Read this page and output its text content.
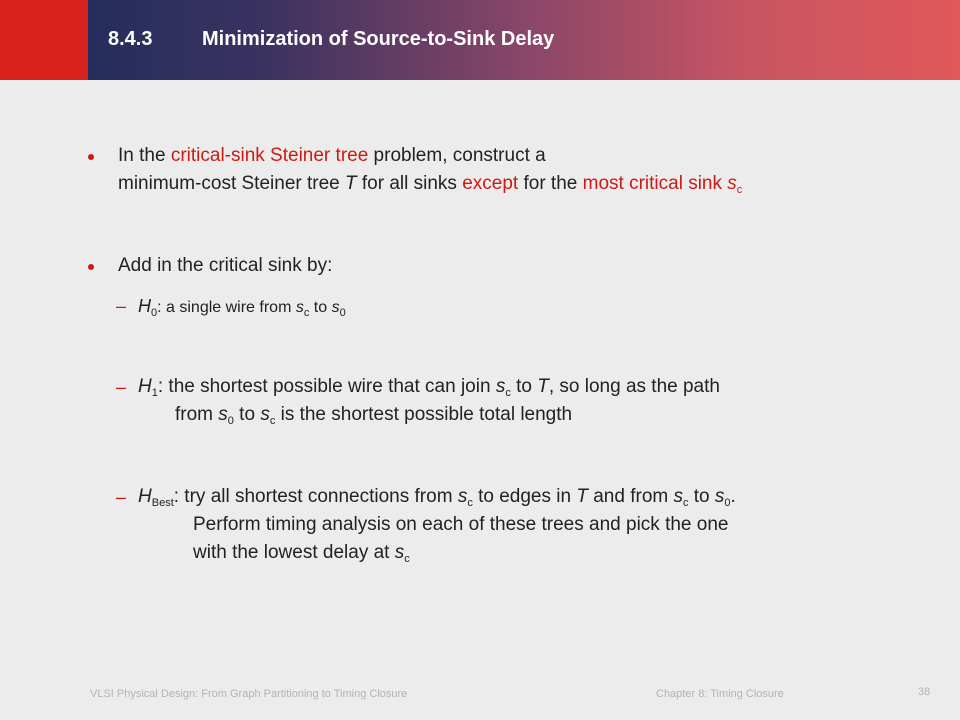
8.4.3 Minimization of Source-to-Sink Delay
In the critical-sink Steiner tree problem, construct a
minimum-cost Steiner tree T for all sinks except for the most critical sink $s_c$
Add in the critical sink by:
– $H_0$: a single wire from $s_c$ to $s_0$
– $H_1$: the shortest possible wire that can join $s_c$ to T, so long as the path
from $s_0$ to $s_c$ is the shortest possible total length
– $H_{Best}$: try all shortest connections from $s_c$ to edges in T and from $s_c$ to $s_0$.
Perform timing analysis on each of these trees and pick the one
with the lowest delay at $s_c$
VLSI Physical Design: From Graph Partitioning to Timing Closure	Chapter 8: Timing Closure	38
